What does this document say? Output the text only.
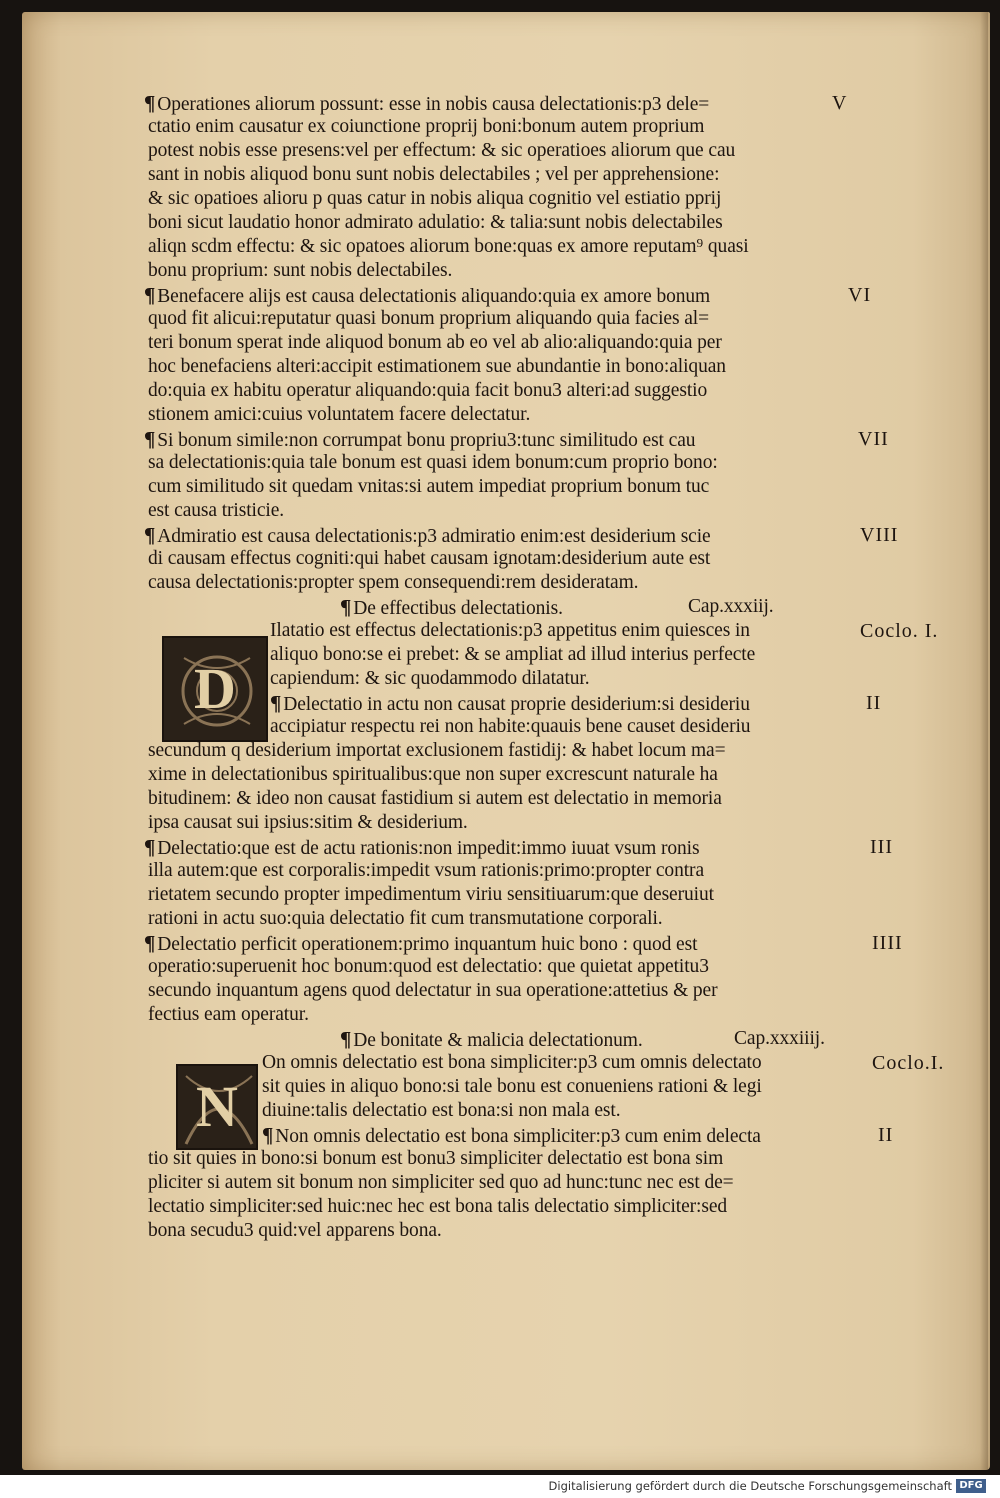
¶ Operationes aliorum possunt: esse in nobis causa delectationis:p3 dele=	V

ctatio enim causatur ex coiunctione proprij boni:bonum autem proprium

potest nobis esse presens:vel per effectum: & sic operatioes aliorum que cau

sant in nobis aliquod bonu sunt nobis delectabiles ; vel per apprehensione:

& sic opatioes alioru p quas catur in nobis aliqua cognitio vel estiatio pprij

boni sicut laudatio honor admirato adulatio: & talia:sunt nobis delectabiles

aliqn scdm effectu: & sic opatoes aliorum bone:quas ex amore reputam⁹ quasi

bonu proprium: sunt nobis delectabiles.

¶ Benefacere alijs est causa delectationis aliquando:quia ex amore bonum	VI

quod fit alicui:reputatur quasi bonum proprium aliquando quia facies al=

teri bonum sperat inde aliquod bonum ab eo vel ab alio:aliquando:quia per

hoc benefaciens alteri:accipit estimationem sue abundantie in bono:aliquan

do:quia ex habitu operatur aliquando:quia facit bonu3 alteri:ad suggestio

stionem amici:cuius voluntatem facere delectatur.

¶ Si bonum simile:non corrumpat bonu propriu3:tunc similitudo est cau	VII

sa delectationis:quia tale bonum est quasi idem bonum:cum proprio bono:

cum similitudo sit quedam vnitas:si autem impediat proprium bonum tuc

est causa tristicie.

¶ Admiratio est causa delectationis:p3 admiratio enim:est desiderium scie	VIII

di causam effectus cogniti:qui habet causam ignotam:desiderium aute est

causa delectationis:propter spem consequendi:rem desideratam.

¶ De effectibus delectationis.	Cap.xxxiij.

D

Ilatatio est effectus delectationis:p3 appetitus enim quiesces in	Coclo. I.

aliquo bono:se ei prebet: & se ampliat ad illud interius perfecte

capiendum: & sic quodammodo dilatatur.

¶ Delectatio in actu non causat proprie desiderium:si desideriu	II

accipiatur respectu rei non habite:quauis bene causet desideriu

secundum q desiderium importat exclusionem fastidij: & habet locum ma=

xime in delectationibus spiritualibus:que non super excrescunt naturale ha

bitudinem: & ideo non causat fastidium si autem est delectatio in memoria

ipsa causat sui ipsius:sitim & desiderium.

¶ Delectatio:que est de actu rationis:non impedit:immo iuuat vsum ronis	III

illa autem:que est corporalis:impedit vsum rationis:primo:propter contra

rietatem secundo propter impedimentum viriu sensitiuarum:que deseruiut

rationi in actu suo:quia delectatio fit cum transmutatione corporali.

¶ Delectatio perficit operationem:primo inquantum huic bono : quod est	IIII

operatio:superuenit hoc bonum:quod est delectatio: que quietat appetitu3

secundo inquantum agens quod delectatur in sua operatione:attetius & per

fectius eam operatur.

¶ De bonitate & malicia delectationum.	Cap.xxxiiij.

N

On omnis delectatio est bona simpliciter:p3 cum omnis delectato	Coclo.I.

sit quies in aliquo bono:si tale bonu est conueniens rationi & legi

diuine:talis delectatio est bona:si non mala est.

¶ Non omnis delectatio est bona simpliciter:p3 cum enim delecta	II

tio sit quies in bono:si bonum est bonu3 simpliciter delectatio est bona sim

pliciter si autem sit bonum non simpliciter sed quo ad hunc:tunc nec est de=

lectatio simpliciter:sed huic:nec hec est bona talis delectatio simpliciter:sed

bona secudu3 quid:vel apparens bona.

Digitalisierung gefördert durch die Deutsche Forschungsgemeinschaft DFG
